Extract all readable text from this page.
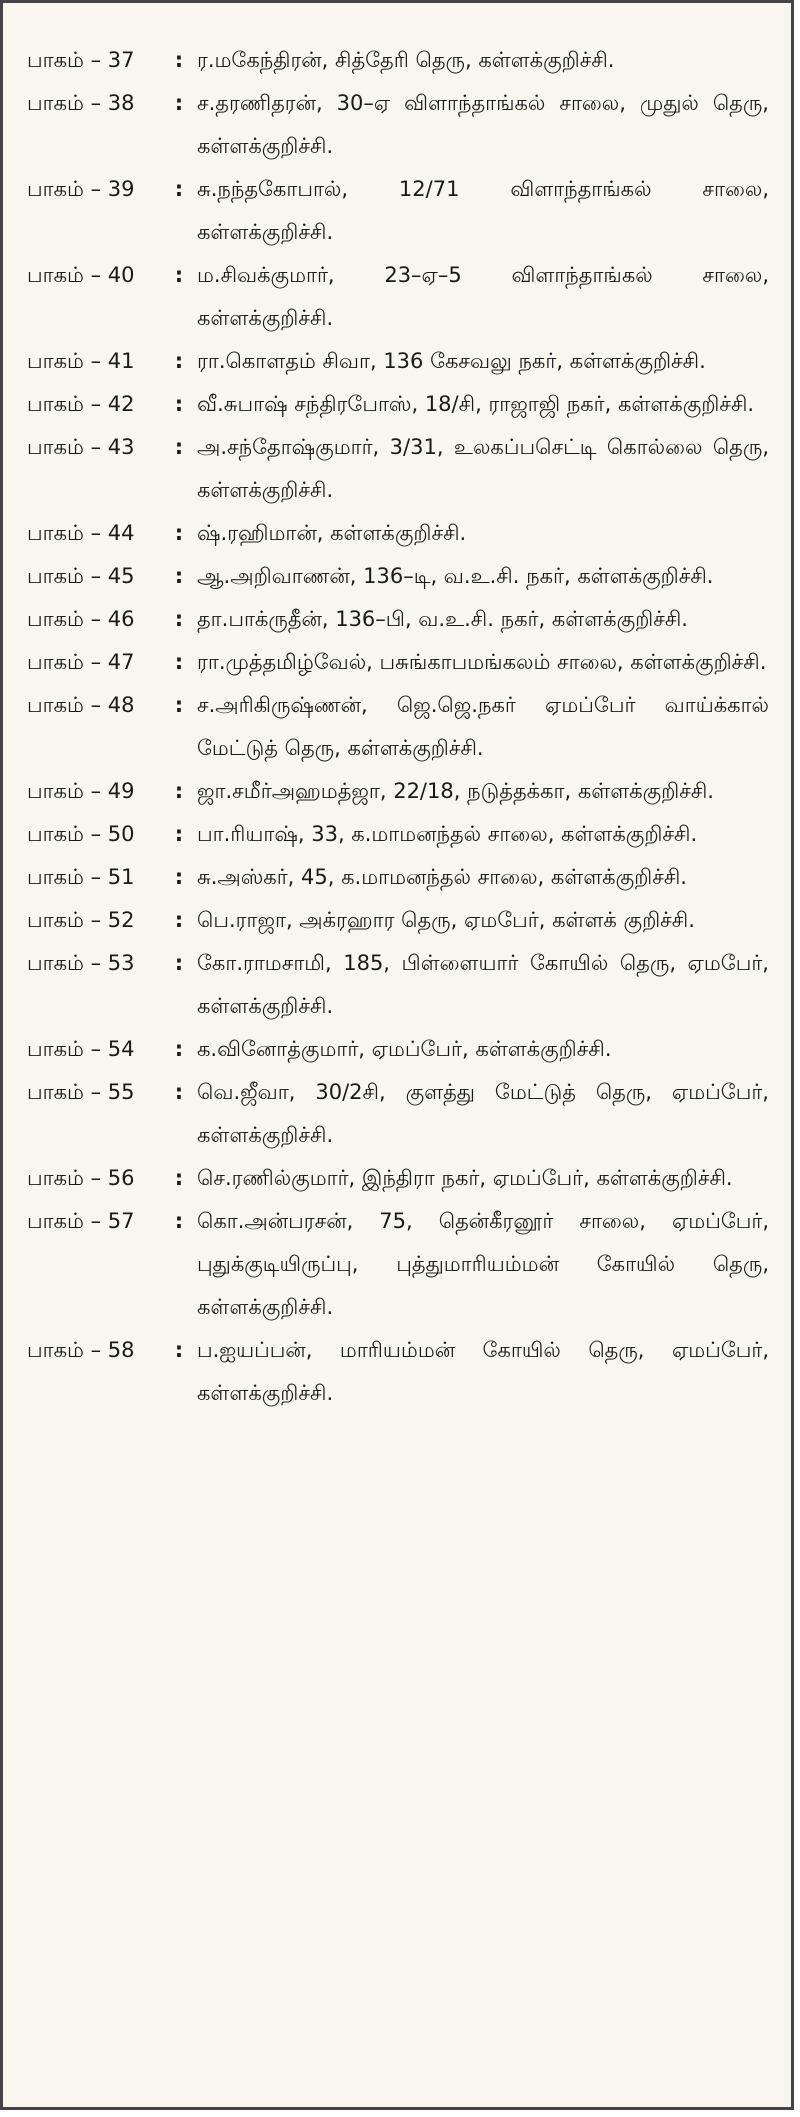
பாகம் – 37	: ர.மகேந்திரன், சித்தேரி தெரு, கள்ளக்குறிச்சி.
பாகம் – 38	: ச.தரணிதரன், 30–ஏ விளாந்தாங்கல் சாலை, முதுல் தெரு, கள்ளக்குறிச்சி.
பாகம் – 39	: சு.நந்தகோபால், 12/71 விளாந்தாங்கல் சாலை, கள்ளக்குறிச்சி.
பாகம் – 40	: ம.சிவக்குமார், 23–ஏ–5 விளாந்தாங்கல் சாலை, கள்ளக்குறிச்சி.
பாகம் – 41	: ரா.கொளதம் சிவா, 136 கேசவலு நகர், கள்ளக்குறிச்சி.
பாகம் – 42	: வீ.சுபாஷ் சந்திரபோஸ், 18/சி, ராஜாஜி நகர், கள்ளக்குறிச்சி.
பாகம் – 43	: அ.சந்தோஷ்குமார், 3/31, உலகப்பசெட்டி கொல்லை தெரு, கள்ளக்குறிச்சி.
பாகம் – 44	: ஷ்.ரஹிமான், கள்ளக்குறிச்சி.
பாகம் – 45	: ஆ.அறிவாணன், 136–டி, வ.உ.சி. நகர், கள்ளக்குறிச்சி.
பாகம் – 46	: தா.பாக்ருதீன், 136–பி, வ.உ.சி. நகர், கள்ளக்குறிச்சி.
பாகம் – 47	: ரா.முத்தமிழ்வேல், பசுங்காபமங்கலம் சாலை, கள்ளக்குறிச்சி.
பாகம் – 48	: ச.அரிகிருஷ்ணன், ஜெ.ஜெ.நகர் ஏமப்பேர் வாய்க்கால் மேட்டுத் தெரு, கள்ளக்குறிச்சி.
பாகம் – 49	: ஜா.சமீர்அஹமத்ஜா, 22/18, நடுத்தக்கா, கள்ளக்குறிச்சி.
பாகம் – 50	: பா.ரியாஷ், 33, க.மாமனந்தல் சாலை, கள்ளக்குறிச்சி.
பாகம் – 51	: சு.அஸ்கர், 45, க.மாமனந்தல் சாலை, கள்ளக்குறிச்சி.
பாகம் – 52	: பெ.ராஜா, அக்ரஹார தெரு, ஏமபேர், கள்ளக் குறிச்சி.
பாகம் – 53	: கோ.ராமசாமி, 185, பிள்ளையார் கோயில் தெரு, ஏமபேர், கள்ளக்குறிச்சி.
பாகம் – 54	: க.வினோத்குமார், ஏமப்பேர், கள்ளக்குறிச்சி.
பாகம் – 55	: வெ.ஜீவா, 30/2சி, குளத்து மேட்டுத் தெரு, ஏமப்பேர், கள்ளக்குறிச்சி.
பாகம் – 56	: செ.ரணில்குமார், இந்திரா நகர், ஏமப்பேர், கள்ளக்குறிச்சி.
பாகம் – 57	: கொ.அன்பரசன், 75, தென்கீரனூர் சாலை, ஏமப்பேர், புதுக்குடியிருப்பு, புத்துமாரியம்மன் கோயில் தெரு, கள்ளக்குறிச்சி.
பாகம் – 58	: ப.ஐயப்பன், மாரியம்மன் கோயில் தெரு, ஏமப்பேர், கள்ளக்குறிச்சி.
